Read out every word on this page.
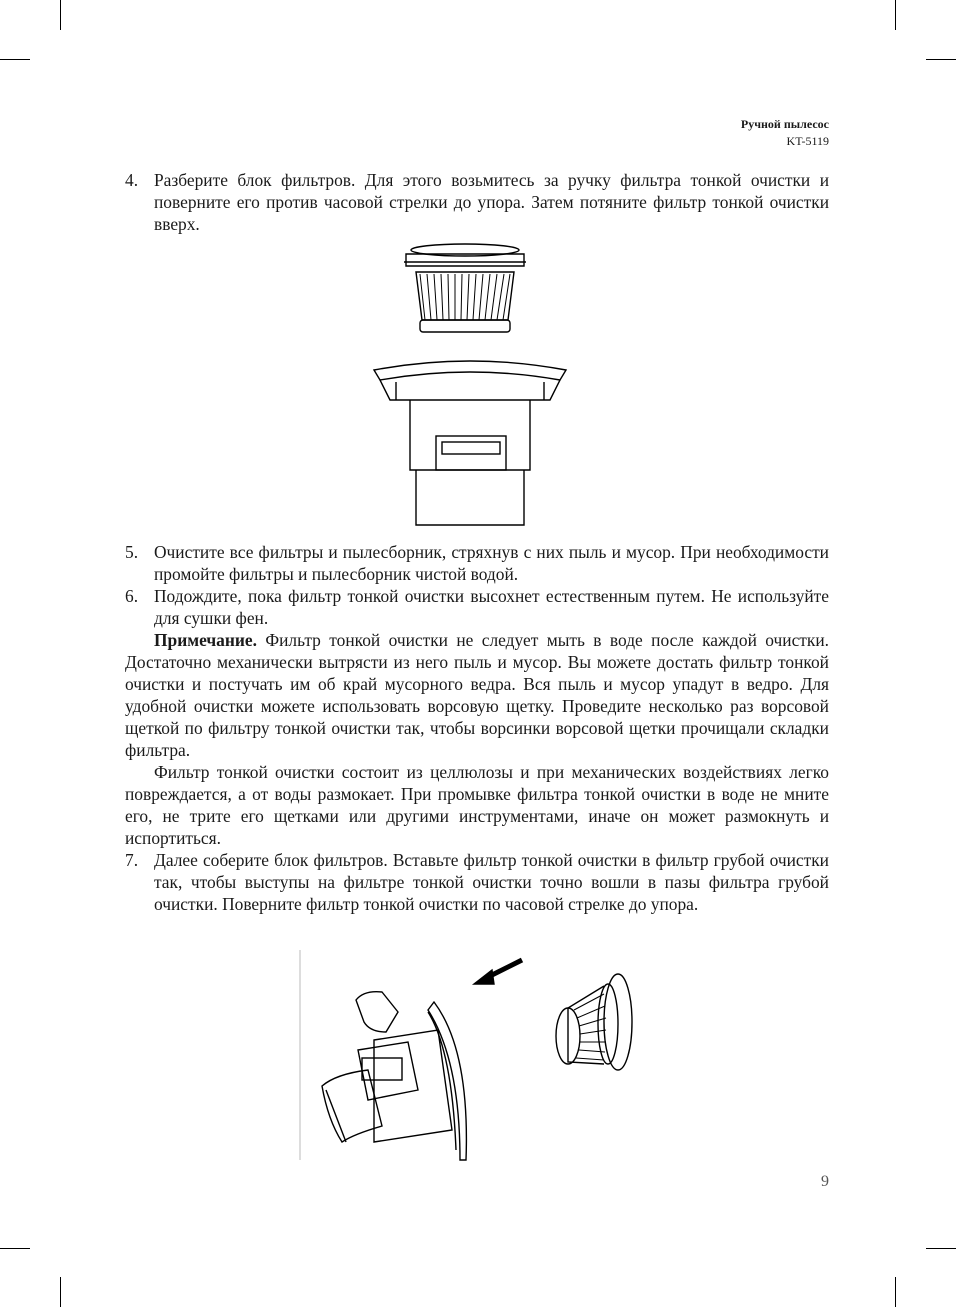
Ручной пылесос
KT-5119
4. Разберите блок фильтров. Для этого возьмитесь за ручку фильтра тонкой очистки и поверните его против часовой стрелки до упора. Затем потяните фильтр тонкой очистки вверх.
5. Очистите все фильтры и пылесборник, стряхнув с них пыль и мусор. При необходимости промойте фильтры и пылесборник чистой водой.
6. Подождите, пока фильтр тонкой очистки высохнет естественным путем. Не используйте для сушки фен.
Примечание. Фильтр тонкой очистки не следует мыть в воде после каждой очистки. Достаточно механически вытрясти из него пыль и мусор. Вы можете достать фильтр тонкой очистки и постучать им об край мусорного ведра. Вся пыль и мусор упадут в ведро. Для удобной очистки можете использовать ворсовую щетку. Проведите несколько раз ворсовой щеткой по фильтру тонкой очистки так, чтобы ворсинки ворсовой щетки прочищали складки фильтра.
Фильтр тонкой очистки состоит из целлюлозы и при механических воздействиях легко повреждается, а от воды размокает. При промывке фильтра тонкой очистки в воде не мните его, не трите его щетками или другими инструментами, иначе он может размокнуть и испортиться.
7. Далее соберите блок фильтров. Вставьте фильтр тонкой очистки в фильтр грубой очистки так, чтобы выступы на фильтре тонкой очистки точно вошли в пазы фильтра грубой очистки. Поверните фильтр тонкой очистки по часовой стрелке до упора.
9
